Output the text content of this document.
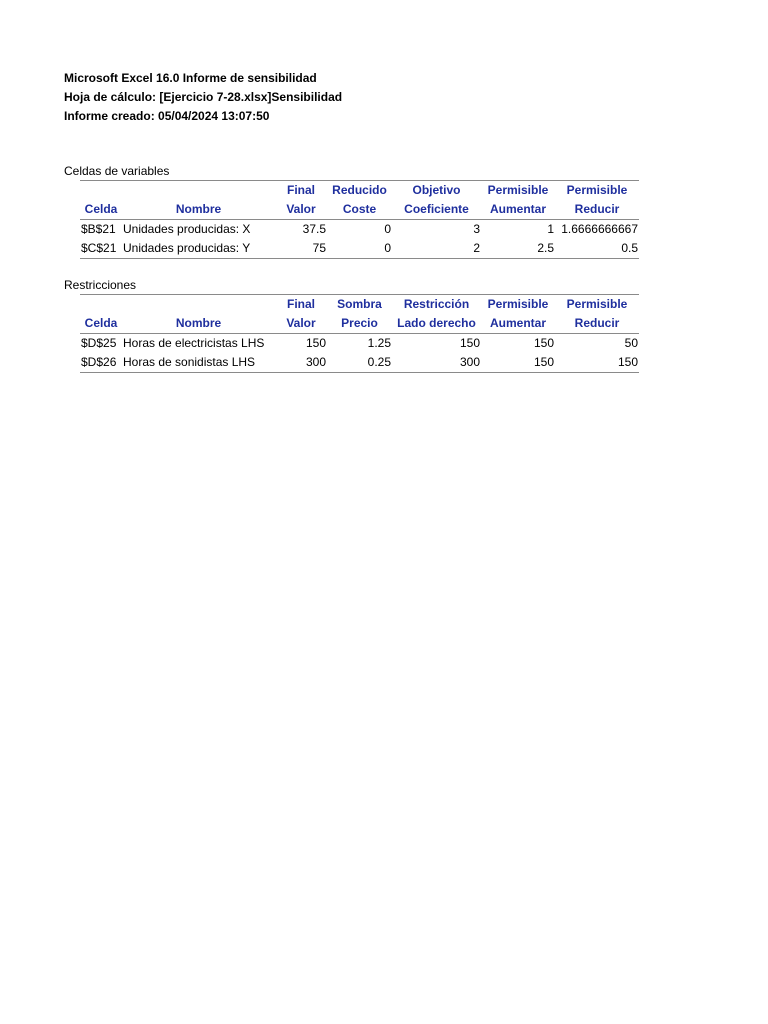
Microsoft Excel 16.0 Informe de sensibilidad
Hoja de cálculo: [Ejercicio 7-28.xlsx]Sensibilidad
Informe creado: 05/04/2024 13:07:50
Celdas de variables
		Final	Reducido	Objetivo	Permisible	Permisible
Celda	Nombre	Valor	Coste	Coeficiente	Aumentar	Reducir
$B$21	Unidades producidas: X	37.5	0	3	1	1.6666666667
$C$21	Unidades producidas: Y	75	0	2	2.5	0.5
Restricciones
		Final	Sombra	Restricción	Permisible	Permisible
Celda	Nombre	Valor	Precio	Lado derecho	Aumentar	Reducir
$D$25	Horas de electricistas LHS	150	1.25	150	150	50
$D$26	Horas de sonidistas LHS	300	0.25	300	150	150
